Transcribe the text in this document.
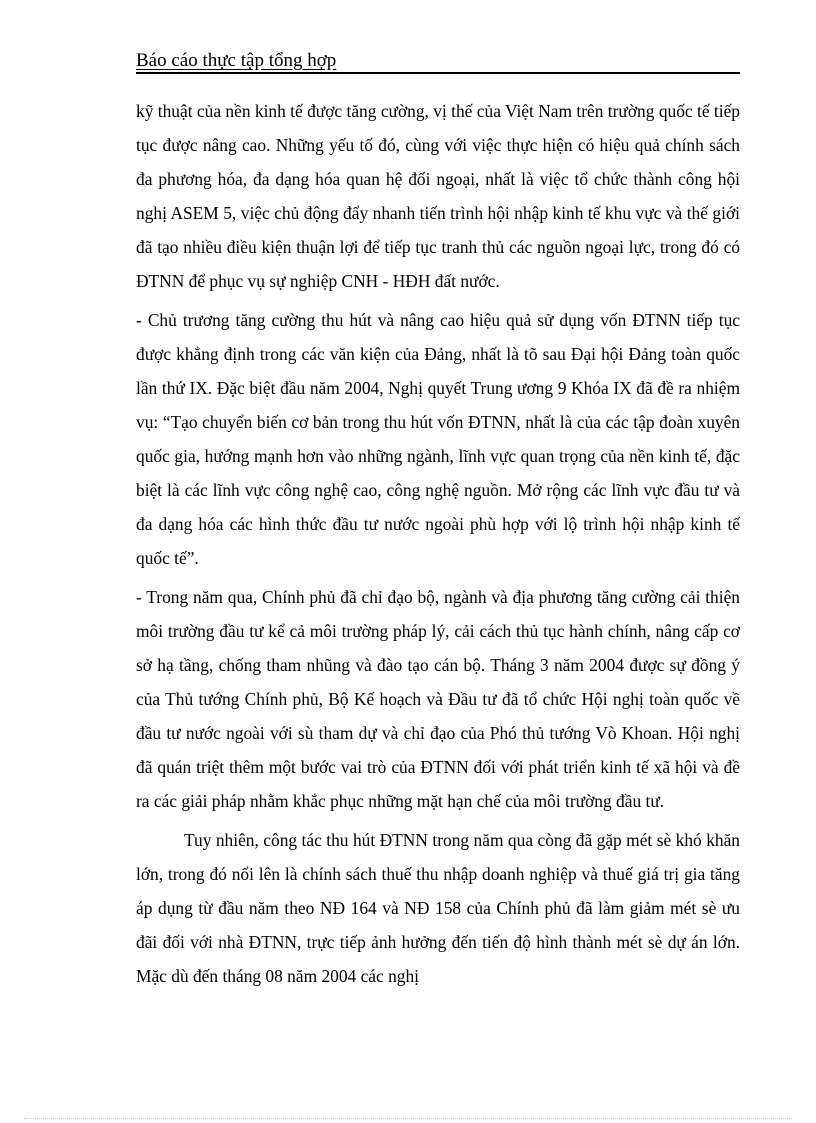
Báo cáo thực tập tổng hợp

kỹ thuật của nền kinh tế được tăng cường, vị thế của Việt Nam trên trường quốc tế tiếp tục được nâng cao. Những yếu tố đó, cùng với việc thực hiện có hiệu quả chính sách đa phương hóa, đa dạng hóa quan hệ đối ngoại, nhất là việc tổ chức thành công hội nghị ASEM 5, việc chủ động đẩy nhanh tiến trình hội nhập kinh tế khu vực và thế giới đã tạo nhiều điều kiện thuận lợi để tiếp tục tranh thủ các nguồn ngoại lực, trong đó có ĐTNN để phục vụ sự nghiệp CNH - HĐH đất nước.

- Chủ trương tăng cường thu hút và nâng cao hiệu quả sử dụng vốn ĐTNN tiếp tục được khẳng định trong các văn kiện của Đảng, nhất là tõ sau Đại hội Đảng toàn quốc lần thứ IX. Đặc biệt đầu năm 2004, Nghị quyết Trung ương 9 Khóa IX đã đề ra nhiệm vụ: “Tạo chuyển biến cơ bản trong thu hút vốn ĐTNN, nhất là của các tập đoàn xuyên quốc gia, hướng mạnh hơn vào những ngành, lĩnh vực quan trọng của nền kinh tế, đặc biệt là các lĩnh vực công nghệ cao, công nghệ nguồn. Mở rộng các lĩnh vực đầu tư và đa dạng hóa các hình thức đầu tư nước ngoài phù hợp với lộ trình hội nhập kinh tế quốc tế”.

- Trong năm qua, Chính phủ đã chỉ đạo bộ, ngành và địa phương tăng cường cải thiện môi trường đầu tư kể cả môi trường pháp lý, cải cách thủ tục hành chính, nâng cấp cơ sở hạ tầng, chống tham nhũng và đào tạo cán bộ. Tháng 3 năm 2004 được sự đồng ý của Thủ tướng Chính phủ, Bộ Kế hoạch và Đầu tư đã tổ chức Hội nghị toàn quốc về đầu tư nước ngoài với sù tham dự và chỉ đạo của Phó thủ tướng Vò Khoan. Hội nghị đã quán triệt thêm một bước vai trò của ĐTNN đối với phát triển kinh tế xã hội và đề ra các giải pháp nhằm khắc phục những mặt hạn chế của môi trường đầu tư.

Tuy nhiên, công tác thu hút ĐTNN trong năm qua còng đã gặp mét sè khó khăn lớn, trong đó nổi lên là chính sách thuế thu nhập doanh nghiệp và thuế giá trị gia tăng áp dụng từ đầu năm theo NĐ 164 và NĐ 158 của Chính phủ đã làm giảm mét sè ưu đãi đối với nhà ĐTNN, trực tiếp ảnh hưởng đến tiến độ hình thành mét sè dự án lớn. Mặc dù đến tháng 08 năm 2004 các nghị
